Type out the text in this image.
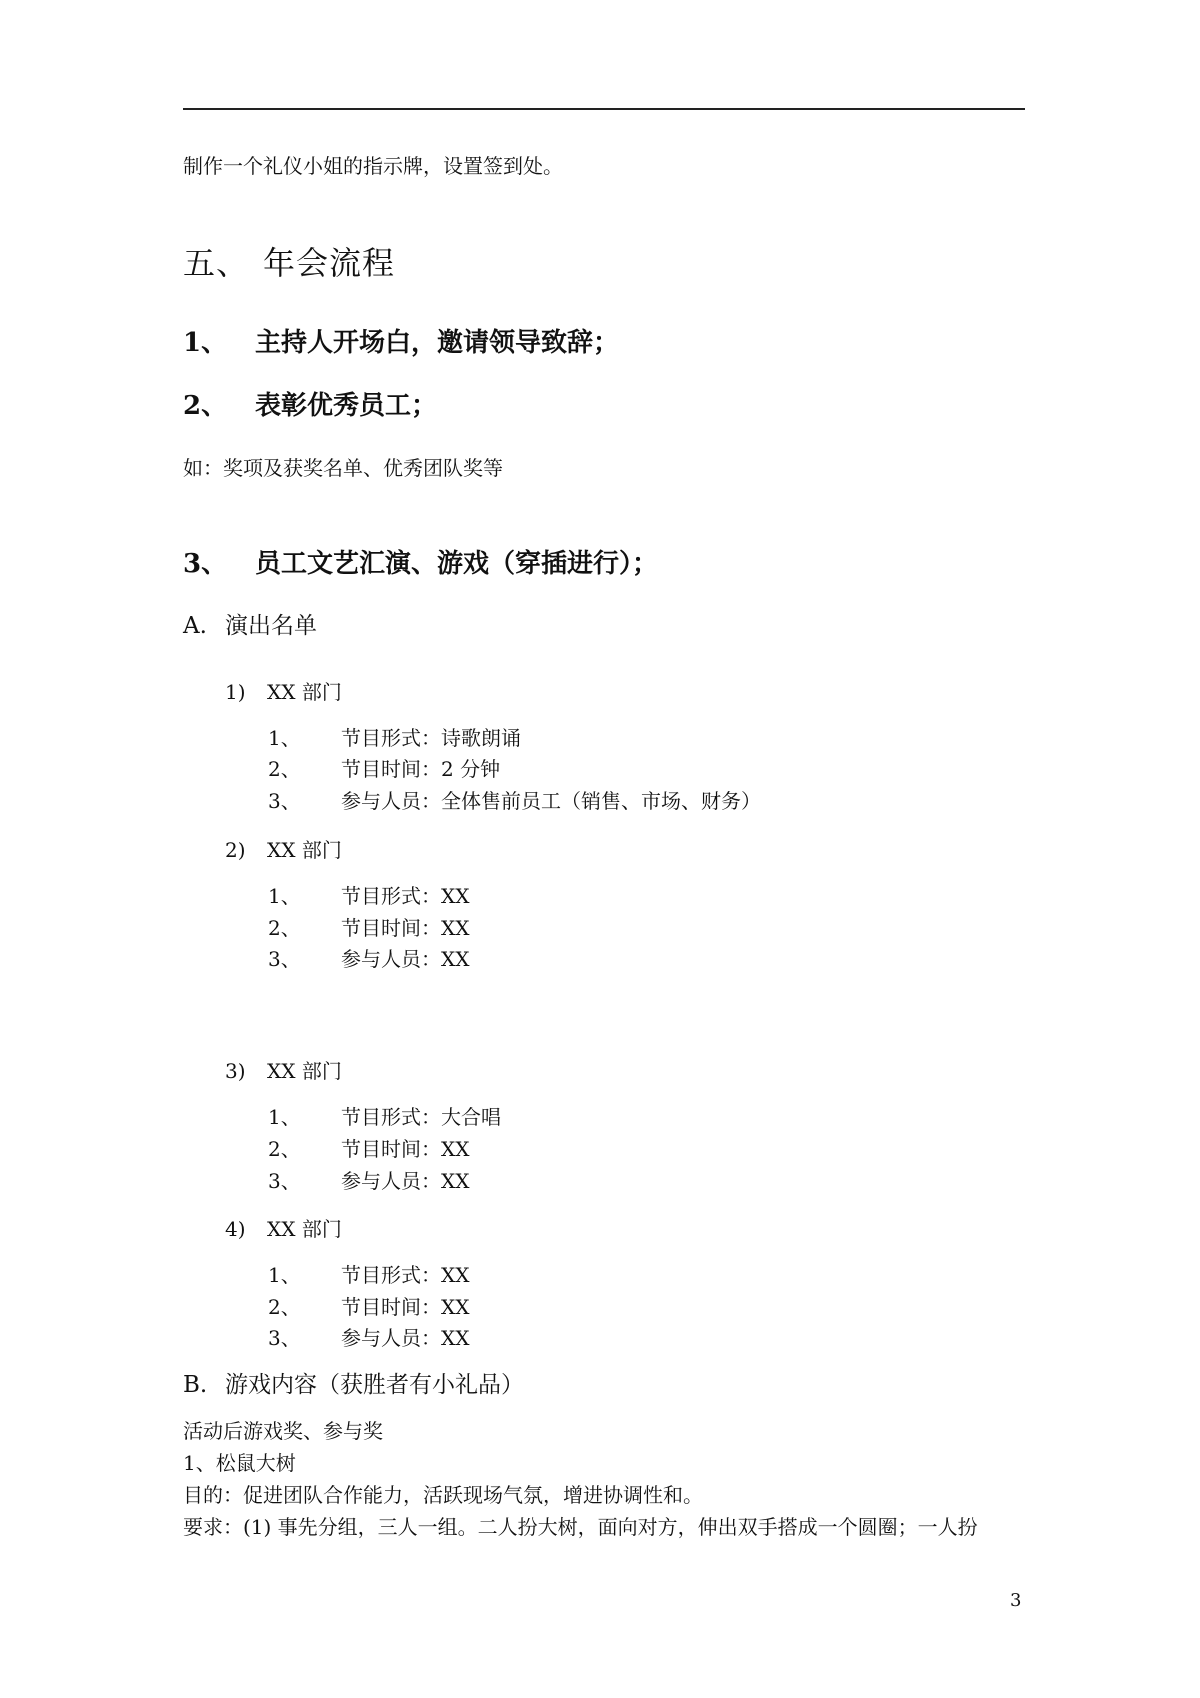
制作一个礼仪小姐的指示牌，设置签到处。
五、 年会流程
1、 主持人开场白，邀请领导致辞；
2、 表彰优秀员工；
如：奖项及获奖名单、优秀团队奖等
3、 员工文艺汇演、游戏（穿插进行）；
A. 演出名单
1) XX 部门
1、 节目形式：诗歌朗诵
2、 节目时间：2 分钟
3、 参与人员：全体售前员工（销售、市场、财务）
2) XX 部门
1、 节目形式：XX
2、 节目时间：XX
3、 参与人员：XX
3) XX 部门
1、 节目形式：大合唱
2、 节目时间：XX
3、 参与人员：XX
4) XX 部门
1、 节目形式：XX
2、 节目时间：XX
3、 参与人员：XX
B. 游戏内容（获胜者有小礼品）
活动后游戏奖、参与奖
1、松鼠大树
目的：促进团队合作能力，活跃现场气氛，增进协调性和。
要求：(1) 事先分组，三人一组。二人扮大树，面向对方，伸出双手搭成一个圆圈；一人扮
3
